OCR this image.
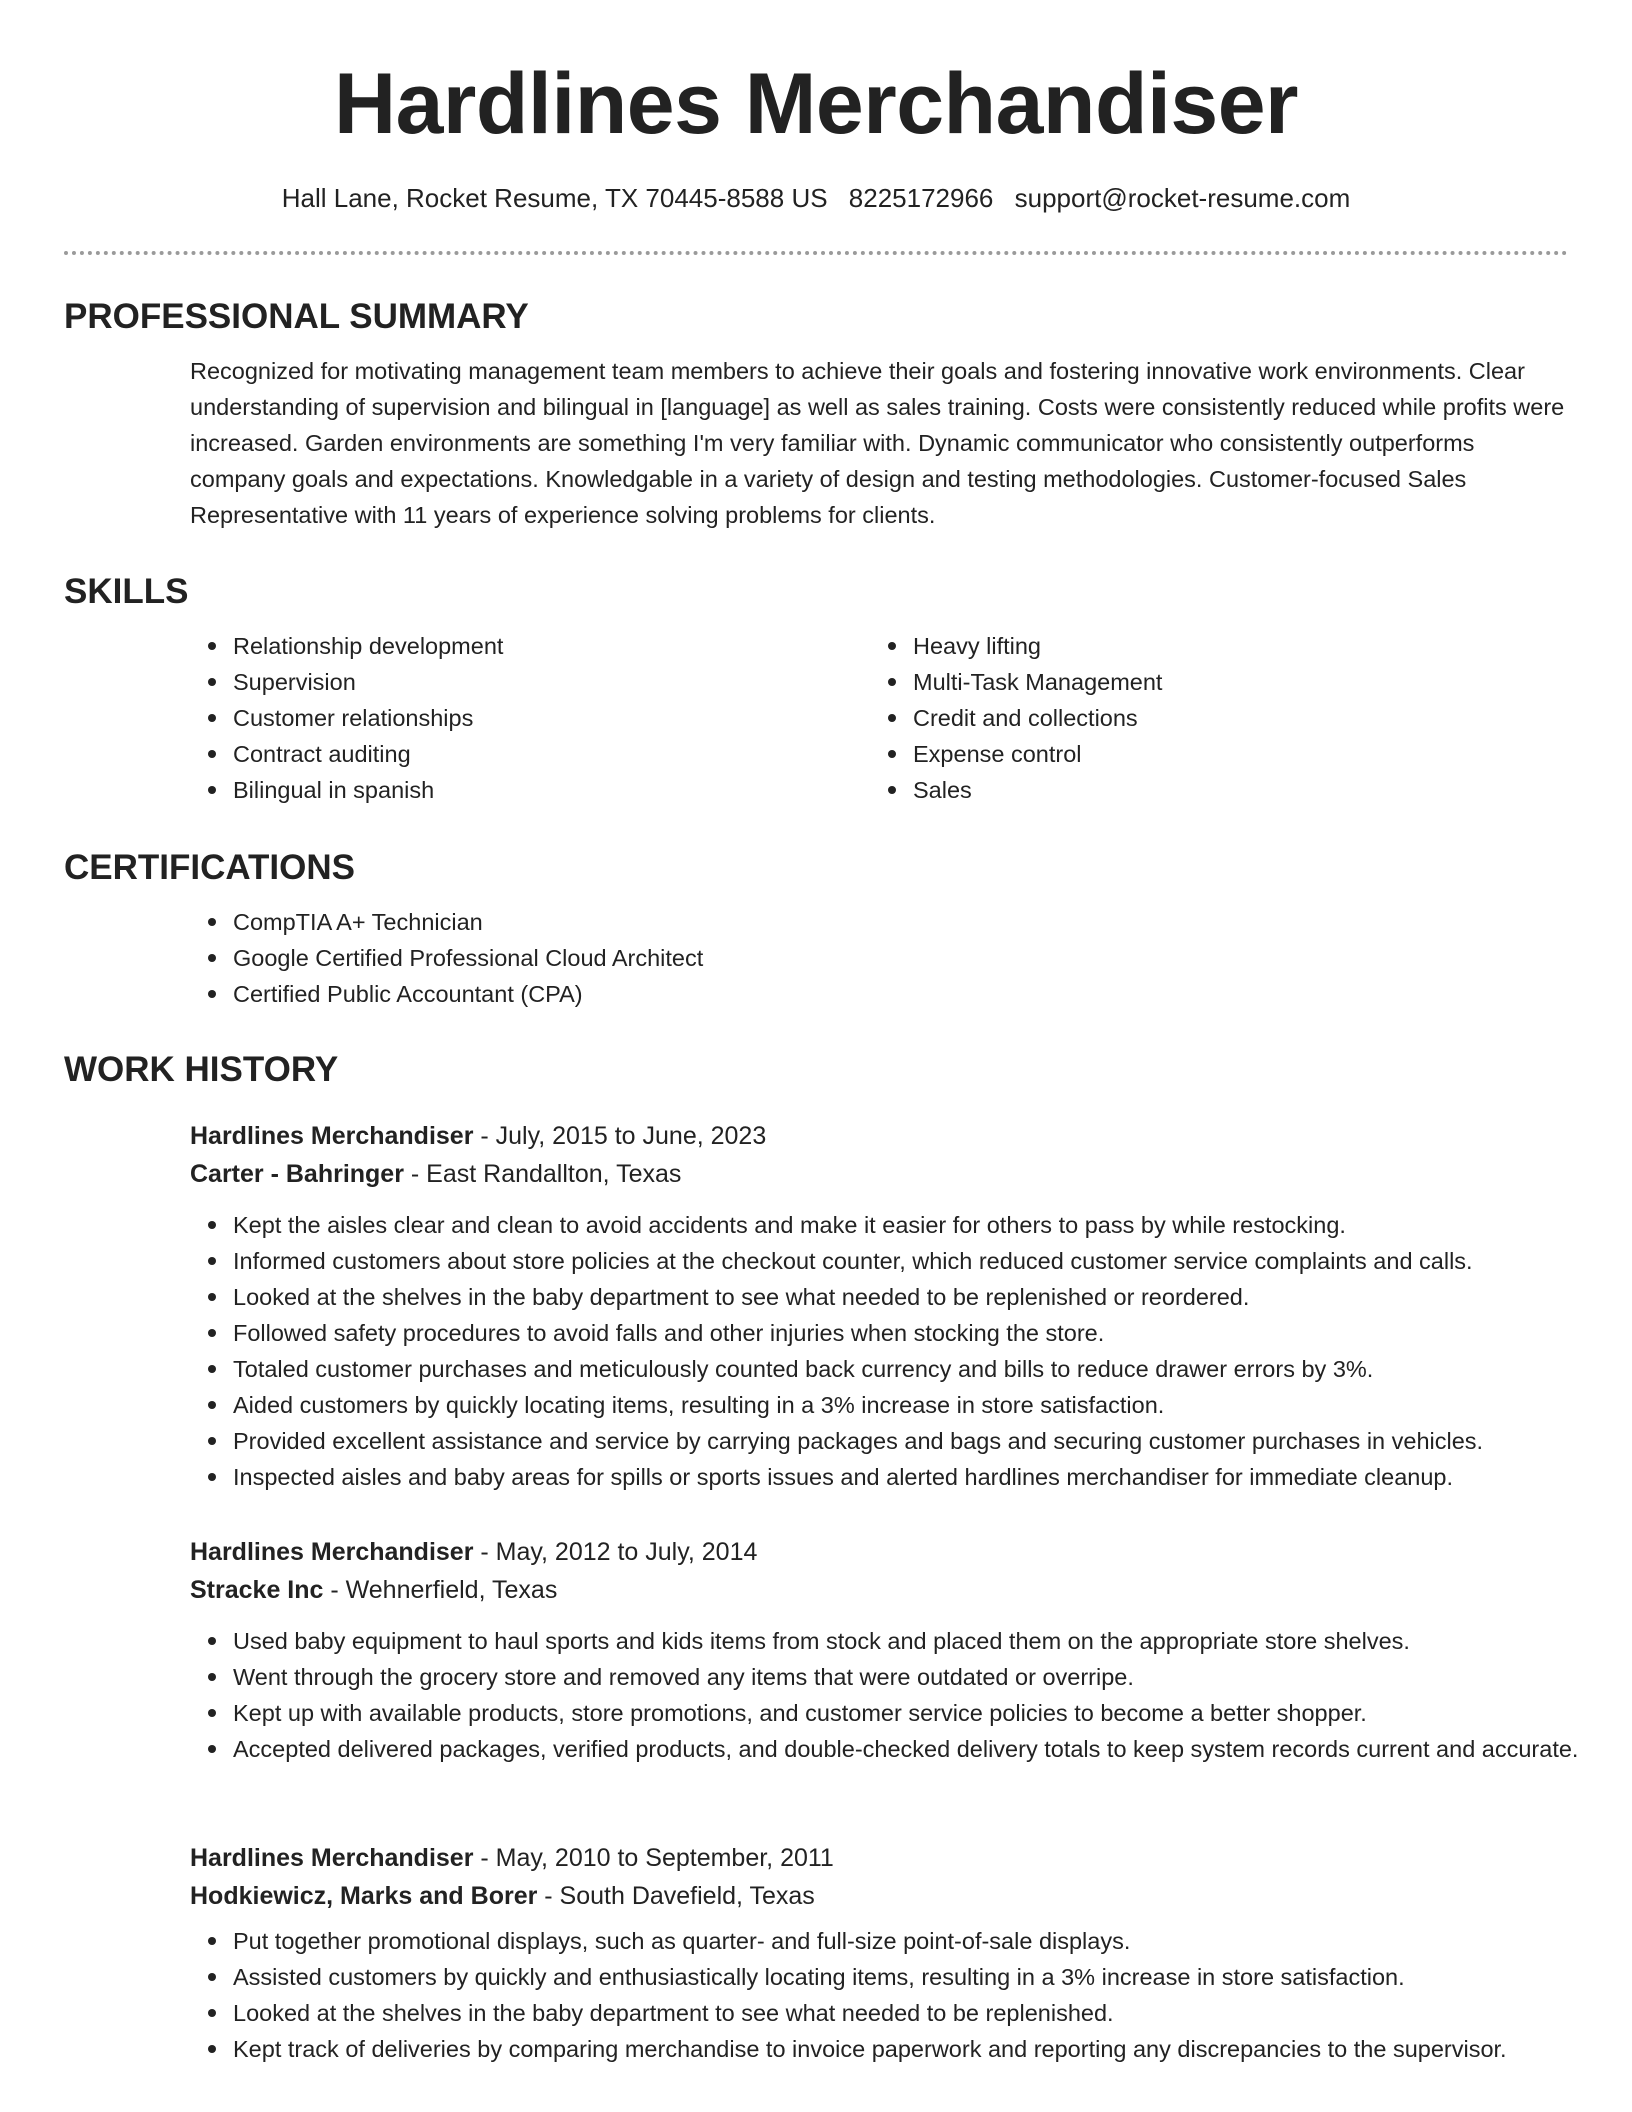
Hardlines Merchandiser
Hall Lane, Rocket Resume, TX 70445-8588 US 8225172966 support@rocket-resume.com
PROFESSIONAL SUMMARY

Recognized for motivating management team members to achieve their goals and fostering innovative work environments. Clear understanding of supervision and bilingual in [language] as well as sales training. Costs were consistently reduced while profits were increased. Garden environments are something I'm very familiar with. Dynamic communicator who consistently outperforms company goals and expectations. Knowledgable in a variety of design and testing methodologies. Customer-focused Sales Representative with 11 years of experience solving problems for clients.

SKILLS
Relationship development
Supervision
Customer relationships
Contract auditing
Bilingual in spanish
Heavy lifting
Multi-Task Management
Credit and collections
Expense control
Sales
CERTIFICATIONS
CompTIA A+ Technician
Google Certified Professional Cloud Architect
Certified Public Accountant (CPA)
WORK HISTORY
Hardlines Merchandiser - July, 2015 to June, 2023
Carter - Bahringer - East Randallton, Texas
Kept the aisles clear and clean to avoid accidents and make it easier for others to pass by while restocking.
Informed customers about store policies at the checkout counter, which reduced customer service complaints and calls.
Looked at the shelves in the baby department to see what needed to be replenished or reordered.
Followed safety procedures to avoid falls and other injuries when stocking the store.
Totaled customer purchases and meticulously counted back currency and bills to reduce drawer errors by 3%.
Aided customers by quickly locating items, resulting in a 3% increase in store satisfaction.
Provided excellent assistance and service by carrying packages and bags and securing customer purchases in vehicles.
Inspected aisles and baby areas for spills or sports issues and alerted hardlines merchandiser for immediate cleanup.
Hardlines Merchandiser - May, 2012 to July, 2014
Stracke Inc - Wehnerfield, Texas
Used baby equipment to haul sports and kids items from stock and placed them on the appropriate store shelves.
Went through the grocery store and removed any items that were outdated or overripe.
Kept up with available products, store promotions, and customer service policies to become a better shopper.
Accepted delivered packages, verified products, and double-checked delivery totals to keep system records current and accurate.
Hardlines Merchandiser - May, 2010 to September, 2011
Hodkiewicz, Marks and Borer - South Davefield, Texas
Put together promotional displays, such as quarter- and full-size point-of-sale displays.
Assisted customers by quickly and enthusiastically locating items, resulting in a 3% increase in store satisfaction.
Looked at the shelves in the baby department to see what needed to be replenished.
Kept track of deliveries by comparing merchandise to invoice paperwork and reporting any discrepancies to the supervisor.
